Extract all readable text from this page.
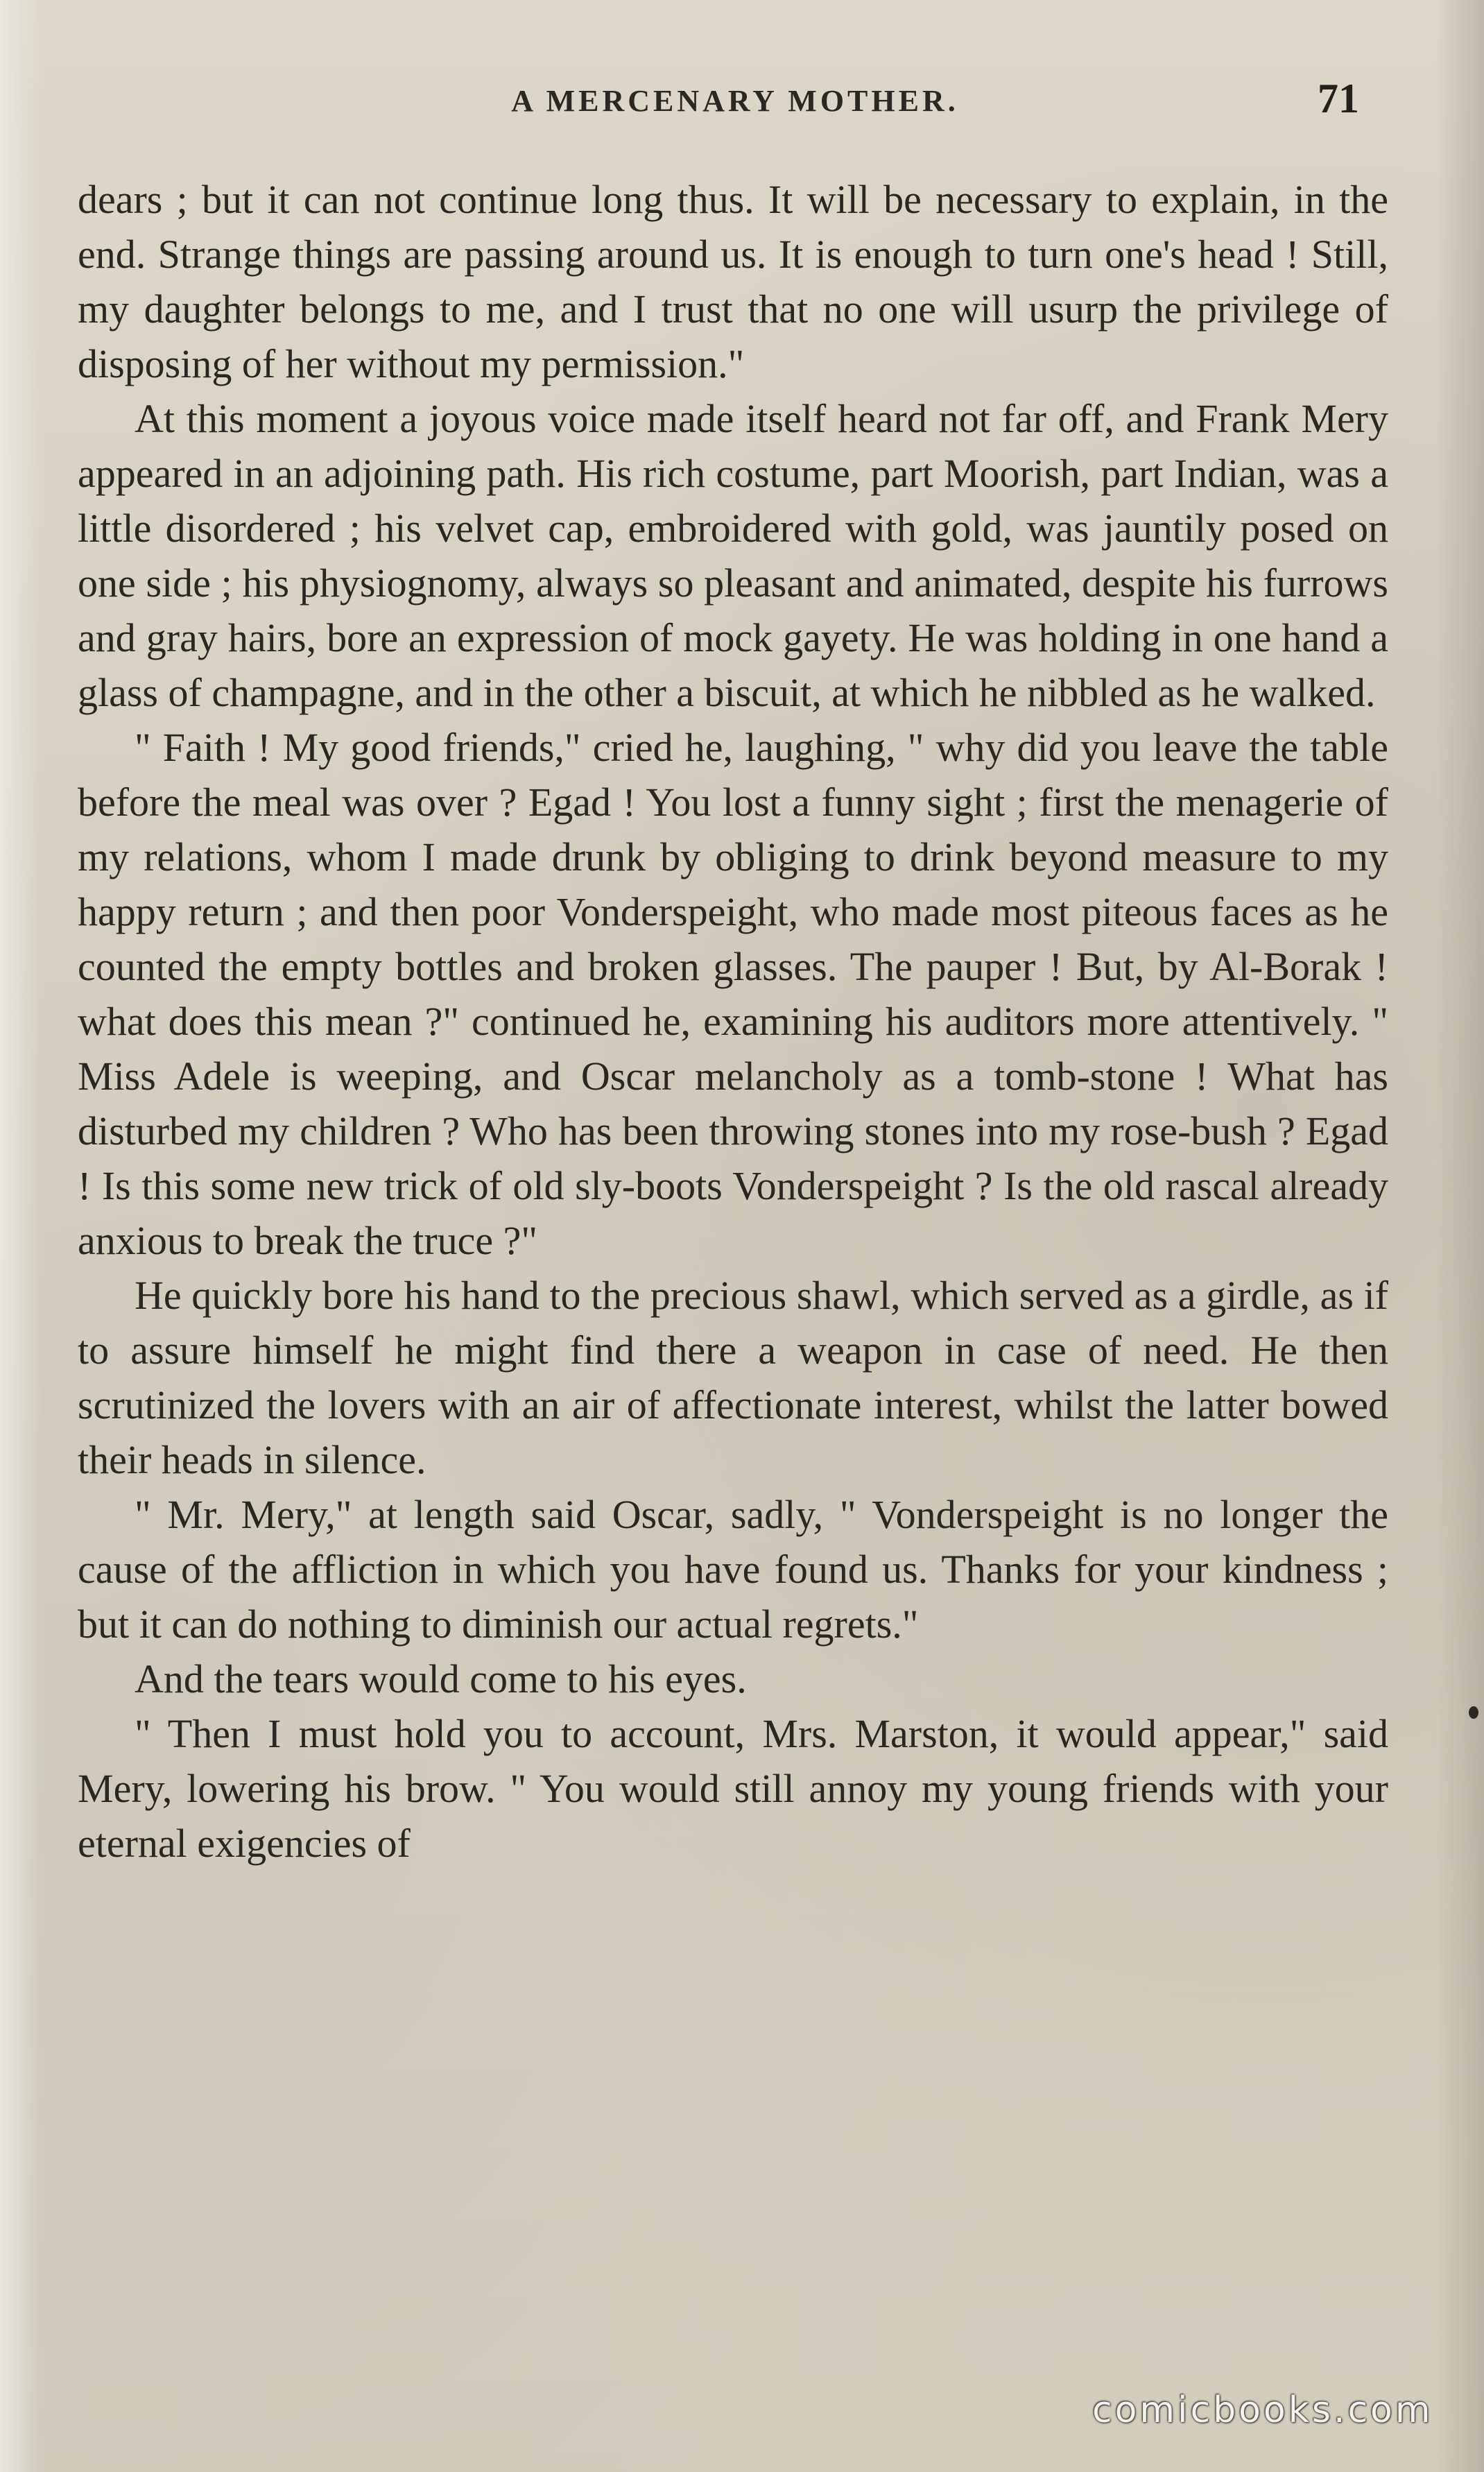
A MERCENARY MOTHER.	71

dears ; but it can not continue long thus. It will be necessary to explain, in the end. Strange things are passing around us. It is enough to turn one's head ! Still, my daughter belongs to me, and I trust that no one will usurp the privilege of disposing of her without my permission."

At this moment a joyous voice made itself heard not far off, and Frank Mery appeared in an adjoining path. His rich costume, part Moorish, part Indian, was a little disordered ; his velvet cap, embroidered with gold, was jauntily posed on one side ; his physiognomy, always so pleasant and animated, despite his furrows and gray hairs, bore an expression of mock gayety. He was holding in one hand a glass of champagne, and in the other a biscuit, at which he nibbled as he walked.

" Faith ! My good friends," cried he, laughing, " why did you leave the table before the meal was over ? Egad ! You lost a funny sight ; first the menagerie of my relations, whom I made drunk by obliging to drink beyond measure to my happy return ; and then poor Vonderspeight, who made most piteous faces as he counted the empty bottles and broken glasses. The pauper ! But, by Al-Borak ! what does this mean ?" continued he, examining his auditors more attentively. " Miss Adele is weeping, and Oscar melancholy as a tomb-stone ! What has disturbed my children ? Who has been throwing stones into my rose-bush ? Egad ! Is this some new trick of old sly-boots Vonderspeight ? Is the old rascal already anxious to break the truce ?"

He quickly bore his hand to the precious shawl, which served as a girdle, as if to assure himself he might find there a weapon in case of need. He then scrutinized the lovers with an air of affectionate interest, whilst the latter bowed their heads in silence.

" Mr. Mery," at length said Oscar, sadly, " Vonderspeight is no longer the cause of the affliction in which you have found us. Thanks for your kindness ; but it can do nothing to diminish our actual regrets."

And the tears would come to his eyes.

" Then I must hold you to account, Mrs. Marston, it would appear," said Mery, lowering his brow. " You would still annoy my young friends with your eternal exigencies of

comicbooks.com
